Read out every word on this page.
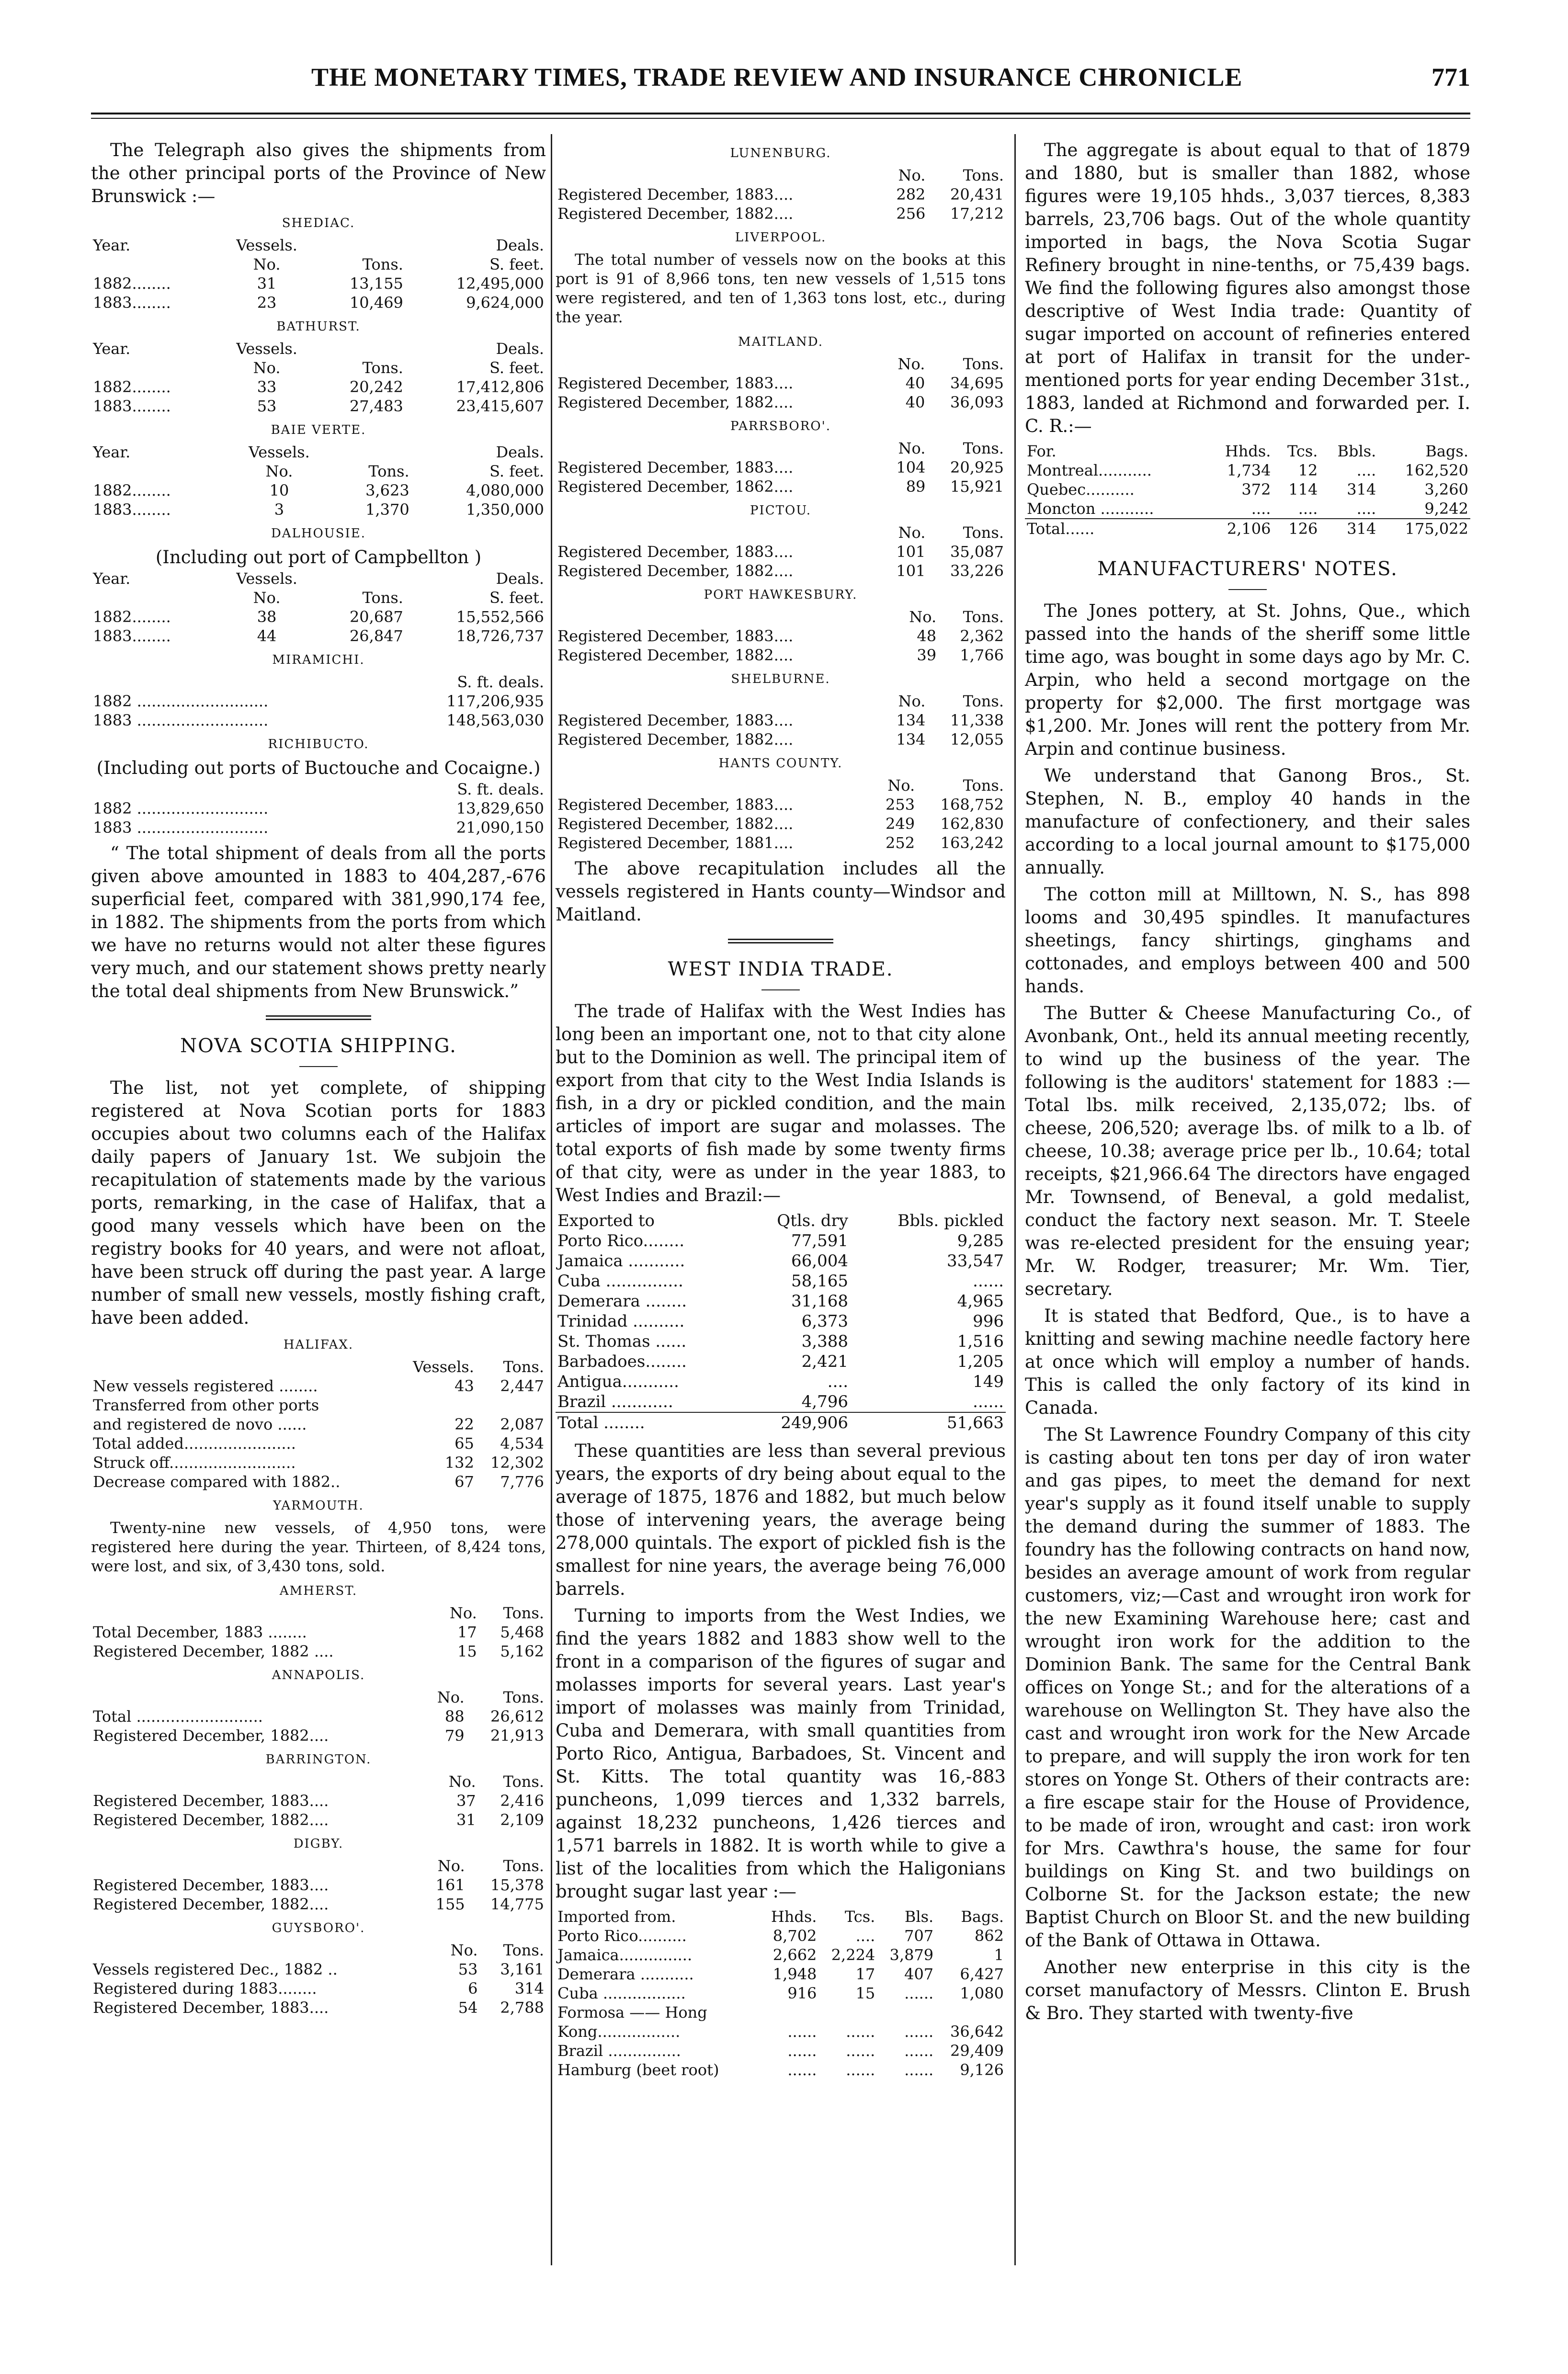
THE MONETARY TIMES, TRADE REVIEW AND INSURANCE CHRONICLE	771

The Telegraph also gives the shipments from the other principal ports of the Province of New Brunswick :—

SHEDIAC.
Year.	Vessels.		Deals.
	No.	Tons.	S. feet.
1882........	31	13,155	12,495,000
1883........	23	10,469	9,624,000
BATHURST.
Year.	Vessels.		Deals.
	No.	Tons.	S. feet.
1882........	33	20,242	17,412,806
1883........	53	27,483	23,415,607
BAIE VERTE.
Year.	Vessels.		Deals.
	No.	Tons.	S. feet.
1882........	10	3,623	4,080,000
1883........	3	1,370	1,350,000
DALHOUSIE.
(Including out port of Campbellton )
Year.	Vessels.		Deals.
	No.	Tons.	S. feet.
1882........	38	20,687	15,552,566
1883........	44	26,847	18,726,737
MIRAMICHI.
	S. ft. deals.
1882 ...........................	117,206,935
1883 ...........................	148,563,030
RICHIBUCTO.
(Including out ports of Buctouche and Cocaigne.)
	S. ft. deals.
1882 ...........................	13,829,650
1883 ...........................	21,090,150

“ The total shipment of deals from all the ports given above amounted in 1883 to 404,287,-676 superficial feet, compared with 381,990,174 fee, in 1882. The shipments from the ports from which we have no returns would not alter these figures very much, and our statement shows pretty nearly the total deal shipments from New Brunswick.”

NOVA SCOTIA SHIPPING.

The list, not yet complete, of shipping registered at Nova Scotian ports for 1883 occupies about two columns each of the Halifax daily papers of January 1st. We subjoin the recapitulation of statements made by the various ports, remarking, in the case of Halifax, that a good many vessels which have been on the registry books for 40 years, and were not afloat, have been struck off during the past year. A large number of small new vessels, mostly fishing craft, have been added.

HALIFAX.
	Vessels.	Tons.
New vessels registered ........	43	2,447
Transferred from other ports		
and registered de novo ......	22	2,087
Total added.......................	65	4,534
Struck off..........................	132	12,302
Decrease compared with 1882..	67	7,776
YARMOUTH.

Twenty-nine new vessels, of 4,950 tons, were registered here during the year. Thirteen, of 8,424 tons, were lost, and six, of 3,430 tons, sold.

AMHERST.
	No.	Tons.
Total December, 1883 ........	17	5,468
Registered December, 1882 ....	15	5,162
ANNAPOLIS.
	No.	Tons.
Total ..........................	88	26,612
Registered December, 1882....	79	21,913
BARRINGTON.
	No.	Tons.
Registered December, 1883....	37	2,416
Registered December, 1882....	31	2,109
DIGBY.
	No.	Tons.
Registered December, 1883....	161	15,378
Registered December, 1882....	155	14,775
GUYSBORO'.
	No.	Tons.
Vessels registered Dec., 1882 ..	53	3,161
Registered during 1883........	6	314
Registered December, 1883....	54	2,788
LUNENBURG.
	No.	Tons.
Registered December, 1883....	282	20,431
Registered December, 1882....	256	17,212
LIVERPOOL.

The total number of vessels now on the books at this port is 91 of 8,966 tons, ten new vessels of 1,515 tons were registered, and ten of 1,363 tons lost, etc., during the year.

MAITLAND.
	No.	Tons.
Registered December, 1883....	40	34,695
Registered December, 1882....	40	36,093
PARRSBORO'.
	No.	Tons.
Registered December, 1883....	104	20,925
Registered December, 1862....	89	15,921
PICTOU.
	No.	Tons.
Registered December, 1883....	101	35,087
Registered December, 1882....	101	33,226
PORT HAWKESBURY.
	No.	Tons.
Registered December, 1883....	48	2,362
Registered December, 1882....	39	1,766
SHELBURNE.
	No.	Tons.
Registered December, 1883....	134	11,338
Registered December, 1882....	134	12,055
HANTS COUNTY.
	No.	Tons.
Registered December, 1883....	253	168,752
Registered December, 1882....	249	162,830
Registered December, 1881....	252	163,242

The above recapitulation includes all the vessels registered in Hants county—Windsor and Maitland.

WEST INDIA TRADE.

The trade of Halifax with the West Indies has long been an important one, not to that city alone but to the Dominion as well. The principal item of export from that city to the West India Islands is fish, in a dry or pickled condition, and the main articles of import are sugar and molasses. The total exports of fish made by some twenty firms of that city, were as under in the year 1883, to West Indies and Brazil:—

Exported to	Qtls. dry	Bbls. pickled
Porto Rico........	77,591	9,285
Jamaica ...........	66,004	33,547
Cuba ...............	58,165	......
Demerara ........	31,168	4,965
Trinidad ..........	6,373	996
St. Thomas ......	3,388	1,516
Barbadoes........	2,421	1,205
Antigua...........	....	149
Brazil ............	4,796	......
Total ........	249,906	51,663

These quantities are less than several previous years, the exports of dry being about equal to the average of 1875, 1876 and 1882, but much below those of intervening years, the average being 278,000 quintals. The export of pickled fish is the smallest for nine years, the average being 76,000 barrels.

Turning to imports from the West Indies, we find the years 1882 and 1883 show well to the front in a comparison of the figures of sugar and molasses imports for several years. Last year's import of molasses was mainly from Trinidad, Cuba and Demerara, with small quantities from Porto Rico, Antigua, Barbadoes, St. Vincent and St. Kitts. The total quantity was 16,-883 puncheons, 1,099 tierces and 1,332 barrels, against 18,232 puncheons, 1,426 tierces and 1,571 barrels in 1882. It is worth while to give a list of the localities from which the Haligonians brought sugar last year :—

Imported from.	Hhds.	Tcs.	Bls.	Bags.
Porto Rico..........	8,702	....	707	862
Jamaica...............	2,662	2,224	3,879	1
Demerara ...........	1,948	17	407	6,427
Cuba .................	916	15	......	1,080
Formosa —— Hong				
Kong.................	......	......	......	36,642
Brazil ...............	......	......	......	29,409
Hamburg (beet root)	......	......	......	9,126

The aggregate is about equal to that of 1879 and 1880, but is smaller than 1882, whose figures were 19,105 hhds., 3,037 tierces, 8,383 barrels, 23,706 bags. Out of the whole quantity imported in bags, the Nova Scotia Sugar Refinery brought in nine-tenths, or 75,439 bags. We find the following figures also amongst those descriptive of West India trade: Quantity of sugar imported on account of refineries entered at port of Halifax in transit for the under-mentioned ports for year ending December 31st., 1883, landed at Richmond and forwarded per. I. C. R.:—

For.	Hhds.	Tcs.	Bbls.	Bags.
Montreal...........	1,734	12	....	162,520
Quebec..........	372	114	314	3,260
Moncton ...........	....	....	....	9,242
Total......	2,106	126	314	175,022
MANUFACTURERS' NOTES.

The Jones pottery, at St. Johns, Que., which passed into the hands of the sheriff some little time ago, was bought in some days ago by Mr. C. Arpin, who held a second mortgage on the property for $2,000. The first mortgage was $1,200. Mr. Jones will rent the pottery from Mr. Arpin and continue business.

We understand that Ganong Bros., St. Stephen, N. B., employ 40 hands in the manufacture of confectionery, and their sales according to a local journal amount to $175,000 annually.

The cotton mill at Milltown, N. S., has 898 looms and 30,495 spindles. It manufactures sheetings, fancy shirtings, ginghams and cottonades, and employs between 400 and 500 hands.

The Butter & Cheese Manufacturing Co., of Avonbank, Ont., held its annual meeting recently, to wind up the business of the year. The following is the auditors' statement for 1883 :—Total lbs. milk received, 2,135,072; lbs. of cheese, 206,520; average lbs. of milk to a lb. of cheese, 10.38; average price per lb., 10.64; total receipts, $21,966.64 The directors have engaged Mr. Townsend, of Beneval, a gold medalist, conduct the factory next season. Mr. T. Steele was re-elected president for the ensuing year; Mr. W. Rodger, treasurer; Mr. Wm. Tier, secretary.

It is stated that Bedford, Que., is to have a knitting and sewing machine needle factory here at once which will employ a number of hands. This is called the only factory of its kind in Canada.

The St Lawrence Foundry Company of this city is casting about ten tons per day of iron water and gas pipes, to meet the demand for next year's supply as it found itself unable to supply the demand during the summer of 1883. The foundry has the following contracts on hand now, besides an average amount of work from regular customers, viz;—Cast and wrought iron work for the new Examining Warehouse here; cast and wrought iron work for the addition to the Dominion Bank. The same for the Central Bank offices on Yonge St.; and for the alterations of a warehouse on Wellington St. They have also the cast and wrought iron work for the New Arcade to prepare, and will supply the iron work for ten stores on Yonge St. Others of their contracts are: a fire escape stair for the House of Providence, to be made of iron, wrought and cast: iron work for Mrs. Cawthra's house, the same for four buildings on King St. and two buildings on Colborne St. for the Jackson estate; the new Baptist Church on Bloor St. and the new building of the Bank of Ottawa in Ottawa.

Another new enterprise in this city is the corset manufactory of Messrs. Clinton E. Brush & Bro. They started with twenty-five
